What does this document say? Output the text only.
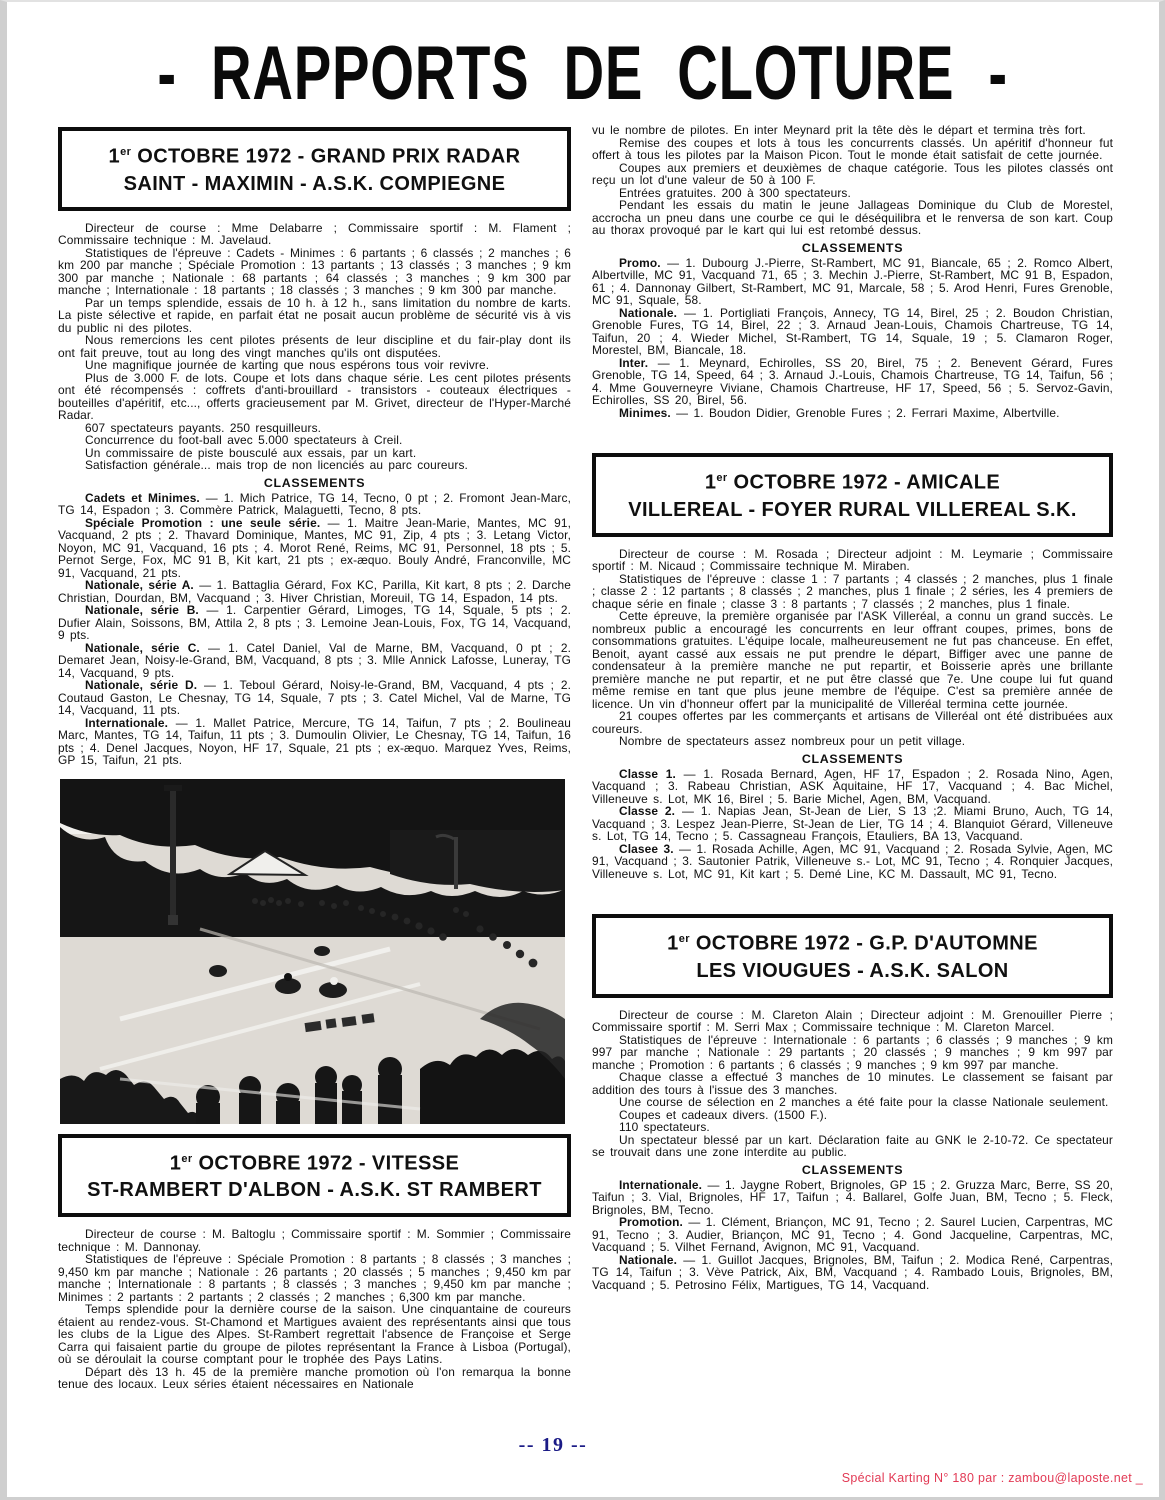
- RAPPORTS DE CLOTURE -
1er OCTOBRE 1972 - GRAND PRIX RADAR
SAINT - MAXIMIN - A.S.K. COMPIEGNE

Directeur de course : Mme Delabarre ; Commissaire sportif : M. Flament ; Commissaire technique : M. Javelaud.

Statistiques de l'épreuve : Cadets - Minimes : 6 partants ; 6 classés ; 2 manches ; 6 km 200 par manche ; Spéciale Promotion : 13 partants ; 13 classés ; 3 manches ; 9 km 300 par manche ; Nationale : 68 partants ; 64 classés ; 3 manches ; 9 km 300 par manche ; Internationale : 18 partants ; 18 classés ; 3 manches ; 9 km 300 par manche.

Par un temps splendide, essais de 10 h. à 12 h., sans limitation du nombre de karts. La piste sélective et rapide, en parfait état ne posait aucun problème de sécurité vis à vis du public ni des pilotes.

Nous remercions les cent pilotes présents de leur discipline et du fair-play dont ils ont fait preuve, tout au long des vingt manches qu'ils ont disputées.

Une magnifique journée de karting que nous espérons tous voir revivre.

Plus de 3.000 F. de lots. Coupe et lots dans chaque série. Les cent pilotes présents ont été récompensés : coffrets d'anti-brouillard - transistors - couteaux électriques - bouteilles d'apéritif, etc..., offerts gracieusement par M. Grivet, directeur de l'Hyper-Marché Radar.

607 spectateurs payants. 250 resquilleurs.

Concurrence du foot-ball avec 5.000 spectateurs à Creil.

Un commissaire de piste bousculé aux essais, par un kart.

Satisfaction générale... mais trop de non licenciés au parc coureurs.

CLASSEMENTS

Cadets et Minimes. — 1. Mich Patrice, TG 14, Tecno, 0 pt ; 2. Fromont Jean-Marc, TG 14, Espadon ; 3. Commère Patrick, Malaguetti, Tecno, 8 pts.

Spéciale Promotion : une seule série. — 1. Maitre Jean-Marie, Mantes, MC 91, Vacquand, 2 pts ; 2. Thavard Dominique, Mantes, MC 91, Zip, 4 pts ; 3. Letang Victor, Noyon, MC 91, Vacquand, 16 pts ; 4. Morot René, Reims, MC 91, Personnel, 18 pts ; 5. Pernot Serge, Fox, MC 91 B, Kit kart, 21 pts ; ex-æquo. Bouly André, Franconville, MC 91, Vacquand, 21 pts.

Nationale, série A. — 1. Battaglia Gérard, Fox KC, Parilla, Kit kart, 8 pts ; 2. Darche Christian, Dourdan, BM, Vacquand ; 3. Hiver Christian, Moreuil, TG 14, Espadon, 14 pts.

Nationale, série B. — 1. Carpentier Gérard, Limoges, TG 14, Squale, 5 pts ; 2. Dufier Alain, Soissons, BM, Attila 2, 8 pts ; 3. Lemoine Jean-Louis, Fox, TG 14, Vacquand, 9 pts.

Nationale, série C. — 1. Catel Daniel, Val de Marne, BM, Vacquand, 0 pt ; 2. Demaret Jean, Noisy-le-Grand, BM, Vacquand, 8 pts ; 3. Mlle Annick Lafosse, Luneray, TG 14, Vacquand, 9 pts.

Nationale, série D. — 1. Teboul Gérard, Noisy-le-Grand, BM, Vacquand, 4 pts ; 2. Coutaud Gaston, Le Chesnay, TG 14, Squale, 7 pts ; 3. Catel Michel, Val de Marne, TG 14, Vacquand, 11 pts.

Internationale. — 1. Mallet Patrice, Mercure, TG 14, Taifun, 7 pts ; 2. Boulineau Marc, Mantes, TG 14, Taifun, 11 pts ; 3. Dumoulin Olivier, Le Chesnay, TG 14, Taifun, 16 pts ; 4. Denel Jacques, Noyon, HF 17, Squale, 21 pts ; ex-æquo. Marquez Yves, Reims, GP 15, Taifun, 21 pts.

1er OCTOBRE 1972 - VITESSE
ST-RAMBERT D'ALBON - A.S.K. ST RAMBERT

Directeur de course : M. Baltoglu ; Commissaire sportif : M. Sommier ; Commissaire technique : M. Dannonay.

Statistiques de l'épreuve : Spéciale Promotion : 8 partants ; 8 classés ; 3 manches ; 9,450 km par manche ; Nationale : 26 partants ; 20 classés ; 5 manches ; 9,450 km par manche ; Internationale : 8 partants ; 8 classés ; 3 manches ; 9,450 km par manche ; Minimes : 2 partants : 2 partants ; 2 classés ; 2 manches ; 6,300 km par manche.

Temps splendide pour la dernière course de la saison. Une cinquantaine de coureurs étaient au rendez-vous. St-Chamond et Martigues avaient des représentants ainsi que tous les clubs de la Ligue des Alpes. St-Rambert regrettait l'absence de Françoise et Serge Carra qui faisaient partie du groupe de pilotes représentant la France à Lisboa (Portugal), où se déroulait la course comptant pour le trophée des Pays Latins.

Départ dès 13 h. 45 de la première manche promotion où l'on remarqua la bonne tenue des locaux. Leux séries étaient nécessaires en Nationale

vu le nombre de pilotes. En inter Meynard prit la tête dès le départ et termina très fort.

Remise des coupes et lots à tous les concurrents classés. Un apéritif d'honneur fut offert à tous les pilotes par la Maison Picon. Tout le monde était satisfait de cette journée.

Coupes aux premiers et deuxièmes de chaque catégorie. Tous les pilotes classés ont reçu un lot d'une valeur de 50 à 100 F.

Entrées gratuites. 200 à 300 spectateurs.

Pendant les essais du matin le jeune Jallageas Dominique du Club de Morestel, accrocha un pneu dans une courbe ce qui le déséquilibra et le renversa de son kart. Coup au thorax provoqué par le kart qui lui est retombé dessus.

CLASSEMENTS

Promo. — 1. Dubourg J.-Pierre, St-Rambert, MC 91, Biancale, 65 ; 2. Romco Albert, Albertville, MC 91, Vacquand 71, 65 ; 3. Mechin J.-Pierre, St-Rambert, MC 91 B, Espadon, 61 ; 4. Dannonay Gilbert, St-Rambert, MC 91, Marcale, 58 ; 5. Arod Henri, Fures Grenoble, MC 91, Squale, 58.

Nationale. — 1. Portigliati François, Annecy, TG 14, Birel, 25 ; 2. Boudon Christian, Grenoble Fures, TG 14, Birel, 22 ; 3. Arnaud Jean-Louis, Chamois Chartreuse, TG 14, Taifun, 20 ; 4. Wieder Michel, St-Rambert, TG 14, Squale, 19 ; 5. Clamaron Roger, Morestel, BM, Biancale, 18.

Inter. — 1. Meynard, Echirolles, SS 20, Birel, 75 ; 2. Benevent Gérard, Fures Grenoble, TG 14, Speed, 64 ; 3. Arnaud J.-Louis, Chamois Chartreuse, TG 14, Taifun, 56 ; 4. Mme Gouverneyre Viviane, Chamois Chartreuse, HF 17, Speed, 56 ; 5. Servoz-Gavin, Echirolles, SS 20, Birel, 56.

Minimes. — 1. Boudon Didier, Grenoble Fures ; 2. Ferrari Maxime, Albertville.

1er OCTOBRE 1972 - AMICALE
VILLEREAL - FOYER RURAL VILLEREAL S.K.

Directeur de course : M. Rosada ; Directeur adjoint : M. Leymarie ; Commissaire sportif : M. Nicaud ; Commissaire technique M. Miraben.

Statistiques de l'épreuve : classe 1 : 7 partants ; 4 classés ; 2 manches, plus 1 finale ; classe 2 : 12 partants ; 8 classés ; 2 manches, plus 1 finale ; 2 séries, les 4 premiers de chaque série en finale ; classe 3 : 8 partants ; 7 classés ; 2 manches, plus 1 finale.

Cette épreuve, la première organisée par l'ASK Villeréal, a connu un grand succès. Le nombreux public a encouragé les concurrents en leur offrant coupes, primes, bons de consommations gratuites. L'équipe locale, malheureusement ne fut pas chanceuse. En effet, Benoit, ayant cassé aux essais ne put prendre le départ, Biffiger avec une panne de condensateur à la première manche ne put repartir, et Boisserie après une brillante première manche ne put repartir, et ne put être classé que 7e. Une coupe lui fut quand même remise en tant que plus jeune membre de l'équipe. C'est sa première année de licence. Un vin d'honneur offert par la municipalité de Villeréal termina cette journée.

21 coupes offertes par les commerçants et artisans de Villeréal ont été distribuées aux coureurs.

Nombre de spectateurs assez nombreux pour un petit village.

CLASSEMENTS

Classe 1. — 1. Rosada Bernard, Agen, HF 17, Espadon ; 2. Rosada Nino, Agen, Vacquand ; 3. Rabeau Christian, ASK Aquitaine, HF 17, Vacquand ; 4. Bac Michel, Villeneuve s. Lot, MK 16, Birel ; 5. Barie Michel, Agen, BM, Vacquand.

Classe 2. — 1. Napias Jean, St-Jean de Lier, S 13 ;2. Miami Bruno, Auch, TG 14, Vacquand ; 3. Lespez Jean-Pierre, St-Jean de Lier, TG 14 ; 4. Blanquiot Gérard, Villeneuve s. Lot, TG 14, Tecno ; 5. Cassagneau François, Etauliers, BA 13, Vacquand.

Clasee 3. — 1. Rosada Achille, Agen, MC 91, Vacquand ; 2. Rosada Sylvie, Agen, MC 91, Vacquand ; 3. Sautonier Patrik, Villeneuve s.- Lot, MC 91, Tecno ; 4. Ronquier Jacques, Villeneuve s. Lot, MC 91, Kit kart ; 5. Demé Line, KC M. Dassault, MC 91, Tecno.

1er OCTOBRE 1972 - G.P. D'AUTOMNE
LES VIOUGUES - A.S.K. SALON

Directeur de course : M. Clareton Alain ; Directeur adjoint : M. Grenouiller Pierre ; Commissaire sportif : M. Serri Max ; Commissaire technique : M. Clareton Marcel.

Statistiques de l'épreuve : Internationale : 6 partants ; 6 classés ; 9 manches ; 9 km 997 par manche ; Nationale : 29 partants ; 20 classés ; 9 manches ; 9 km 997 par manche ; Promotion : 6 partants ; 6 classés ; 9 manches ; 9 km 997 par manche.

Chaque classe a effectué 3 manches de 10 minutes. Le classement se faisant par addition des tours à l'issue des 3 manches.

Une course de sélection en 2 manches a été faite pour la classe Nationale seulement.

Coupes et cadeaux divers. (1500 F.).

110 spectateurs.

Un spectateur blessé par un kart. Déclaration faite au GNK le 2-10-72. Ce spectateur se trouvait dans une zone interdite au public.

CLASSEMENTS

Internationale. — 1. Jaygne Robert, Brignoles, GP 15 ; 2. Gruzza Marc, Berre, SS 20, Taifun ; 3. Vial, Brignoles, HF 17, Taifun ; 4. Ballarel, Golfe Juan, BM, Tecno ; 5. Fleck, Brignoles, BM, Tecno.

Promotion. — 1. Clément, Briançon, MC 91, Tecno ; 2. Saurel Lucien, Carpentras, MC 91, Tecno ; 3. Audier, Briançon, MC 91, Tecno ; 4. Gond Jacqueline, Carpentras, MC, Vacquand ; 5. Vilhet Fernand, Avignon, MC 91, Vacquand.

Nationale. — 1. Guillot Jacques, Brignoles, BM, Taifun ; 2. Modica René, Carpentras, TG 14, Taifun ; 3. Vève Patrick, Aix, BM, Vacquand ; 4. Rambado Louis, Brignoles, BM, Vacquand ; 5. Petrosino Félix, Martigues, TG 14, Vacquand.

-- 19 --
Spécial Karting N° 180 par : zambou@laposte.net _
